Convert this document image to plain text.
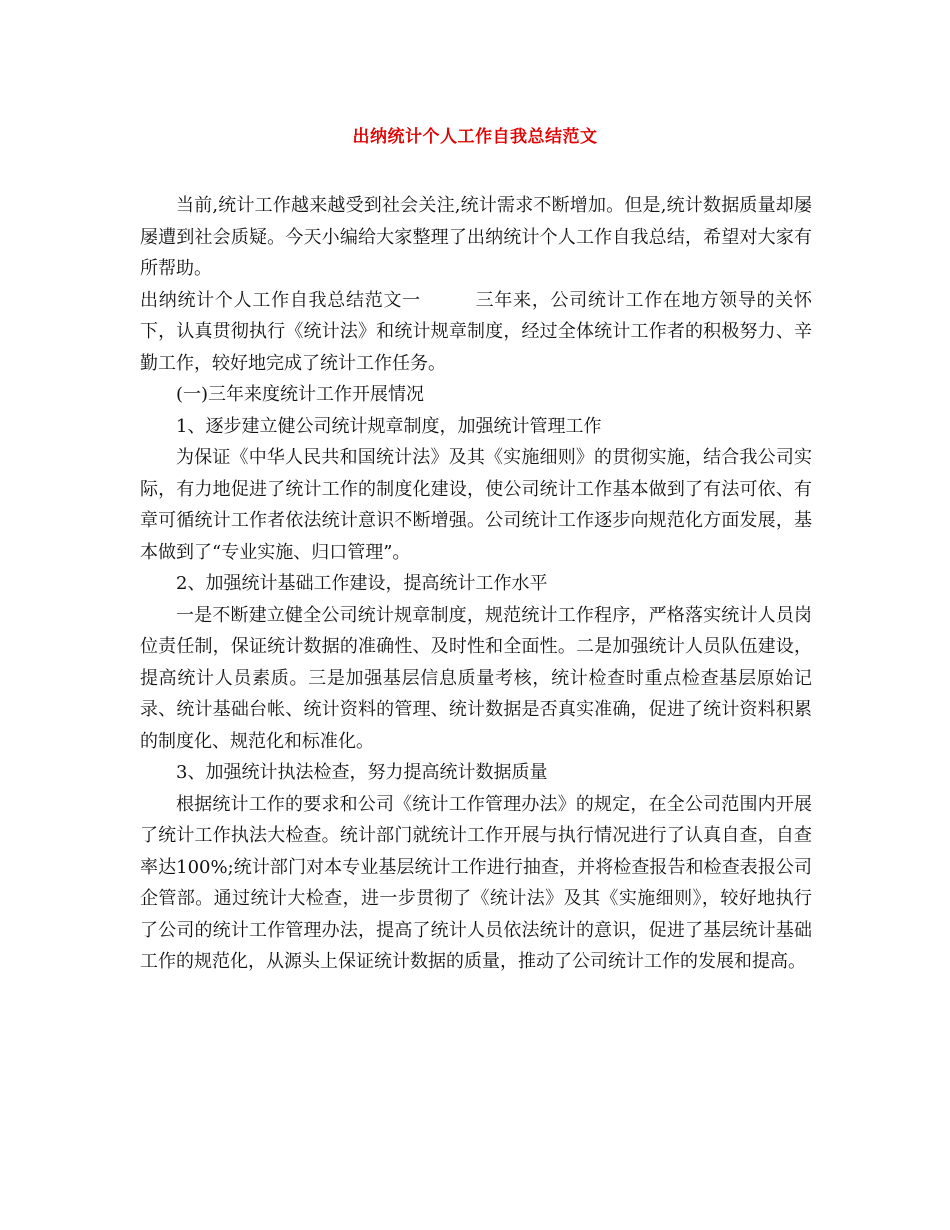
出纳统计个人工作自我总结范文

当前,统计工作越来越受到社会关注,统计需求不断增加。但是,统计数据质量却屡屡遭到社会质疑。今天小编给大家整理了出纳统计个人工作自我总结，希望对大家有所帮助。

出纳统计个人工作自我总结范文一	三年来，公司统计工作在地方领导的关怀下，认真贯彻执行《统计法》和统计规章制度，经过全体统计工作者的积极努力、辛勤工作，较好地完成了统计工作任务。

(一)三年来度统计工作开展情况

1、逐步建立健公司统计规章制度，加强统计管理工作

为保证《中华人民共和国统计法》及其《实施细则》的贯彻实施，结合我公司实际，有力地促进了统计工作的制度化建设，使公司统计工作基本做到了有法可依、有章可循统计工作者依法统计意识不断增强。公司统计工作逐步向规范化方面发展，基本做到了“专业实施、归口管理”。

2、加强统计基础工作建设，提高统计工作水平

一是不断建立健全公司统计规章制度，规范统计工作程序，严格落实统计人员岗位责任制，保证统计数据的准确性、及时性和全面性。二是加强统计人员队伍建设，提高统计人员素质。三是加强基层信息质量考核，统计检查时重点检查基层原始记录、统计基础台帐、统计资料的管理、统计数据是否真实准确，促进了统计资料积累的制度化、规范化和标准化。

3、加强统计执法检查，努力提高统计数据质量

根据统计工作的要求和公司《统计工作管理办法》的规定，在全公司范围内开展了统计工作执法大检查。统计部门就统计工作开展与执行情况进行了认真自查，自查率达100%;统计部门对本专业基层统计工作进行抽查，并将检查报告和检查表报公司企管部。通过统计大检查，进一步贯彻了《统计法》及其《实施细则》，较好地执行了公司的统计工作管理办法，提高了统计人员依法统计的意识，促进了基层统计基础工作的规范化，从源头上保证统计数据的质量，推动了公司统计工作的发展和提高。
